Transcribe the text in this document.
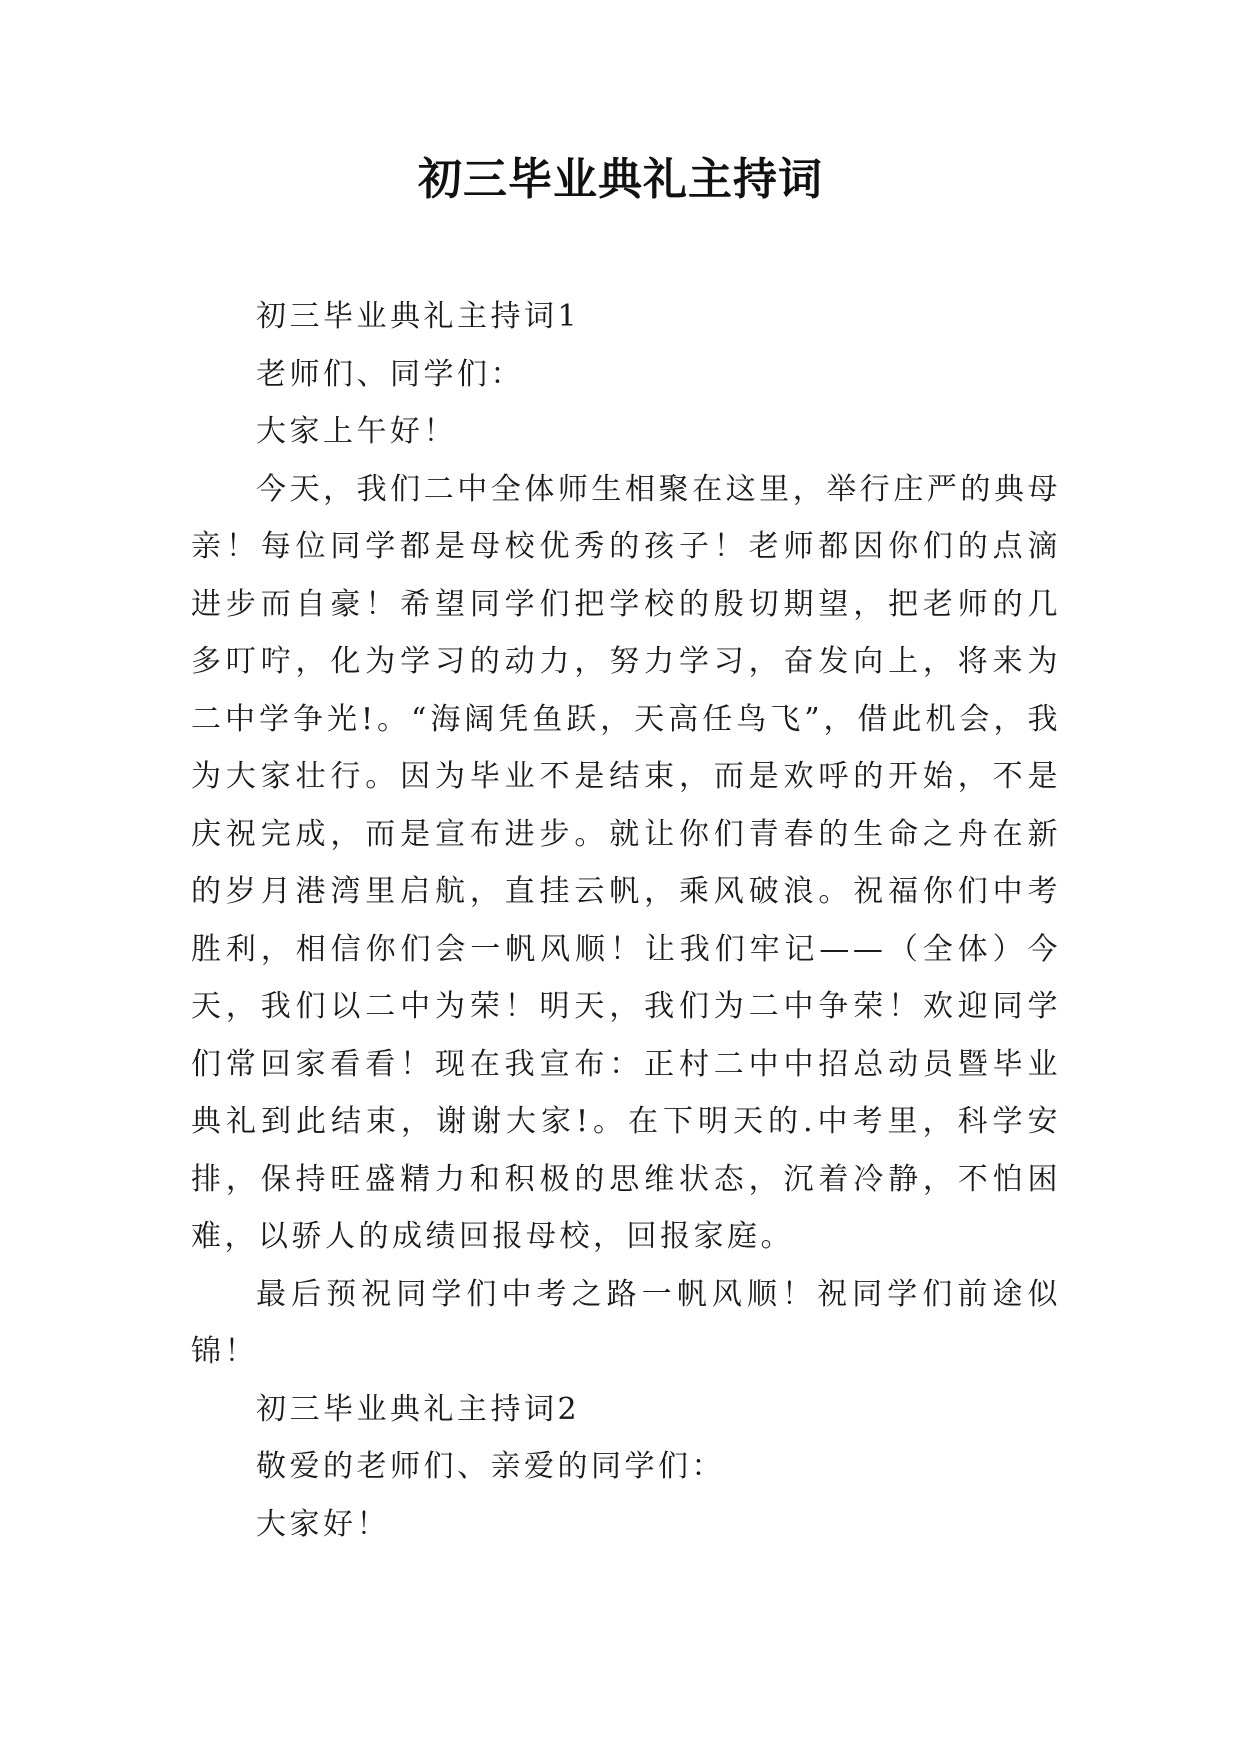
初三毕业典礼主持词

初三毕业典礼主持词1

老师们、同学们：

大家上午好！

今天，我们二中全体师生相聚在这里，举行庄严的典母亲！每位同学都是母校优秀的孩子！老师都因你们的点滴进步而自豪！希望同学们把学校的殷切期望，把老师的几多叮咛，化为学习的动力，努力学习，奋发向上，将来为二中学争光!。“海阔凭鱼跃，天高任鸟飞”，借此机会，我为大家壮行。因为毕业不是结束，而是欢呼的开始，不是庆祝完成，而是宣布进步。就让你们青春的生命之舟在新的岁月港湾里启航，直挂云帆，乘风破浪。祝福你们中考胜利，相信你们会一帆风顺！让我们牢记——（全体）今天，我们以二中为荣！明天，我们为二中争荣！欢迎同学们常回家看看！现在我宣布：正村二中中招总动员暨毕业典礼到此结束，谢谢大家!。在下明天的.中考里，科学安排，保持旺盛精力和积极的思维状态，沉着冷静，不怕困难，以骄人的成绩回报母校，回报家庭。

最后预祝同学们中考之路一帆风顺！祝同学们前途似锦！

初三毕业典礼主持词2

敬爱的老师们、亲爱的同学们：

大家好！
